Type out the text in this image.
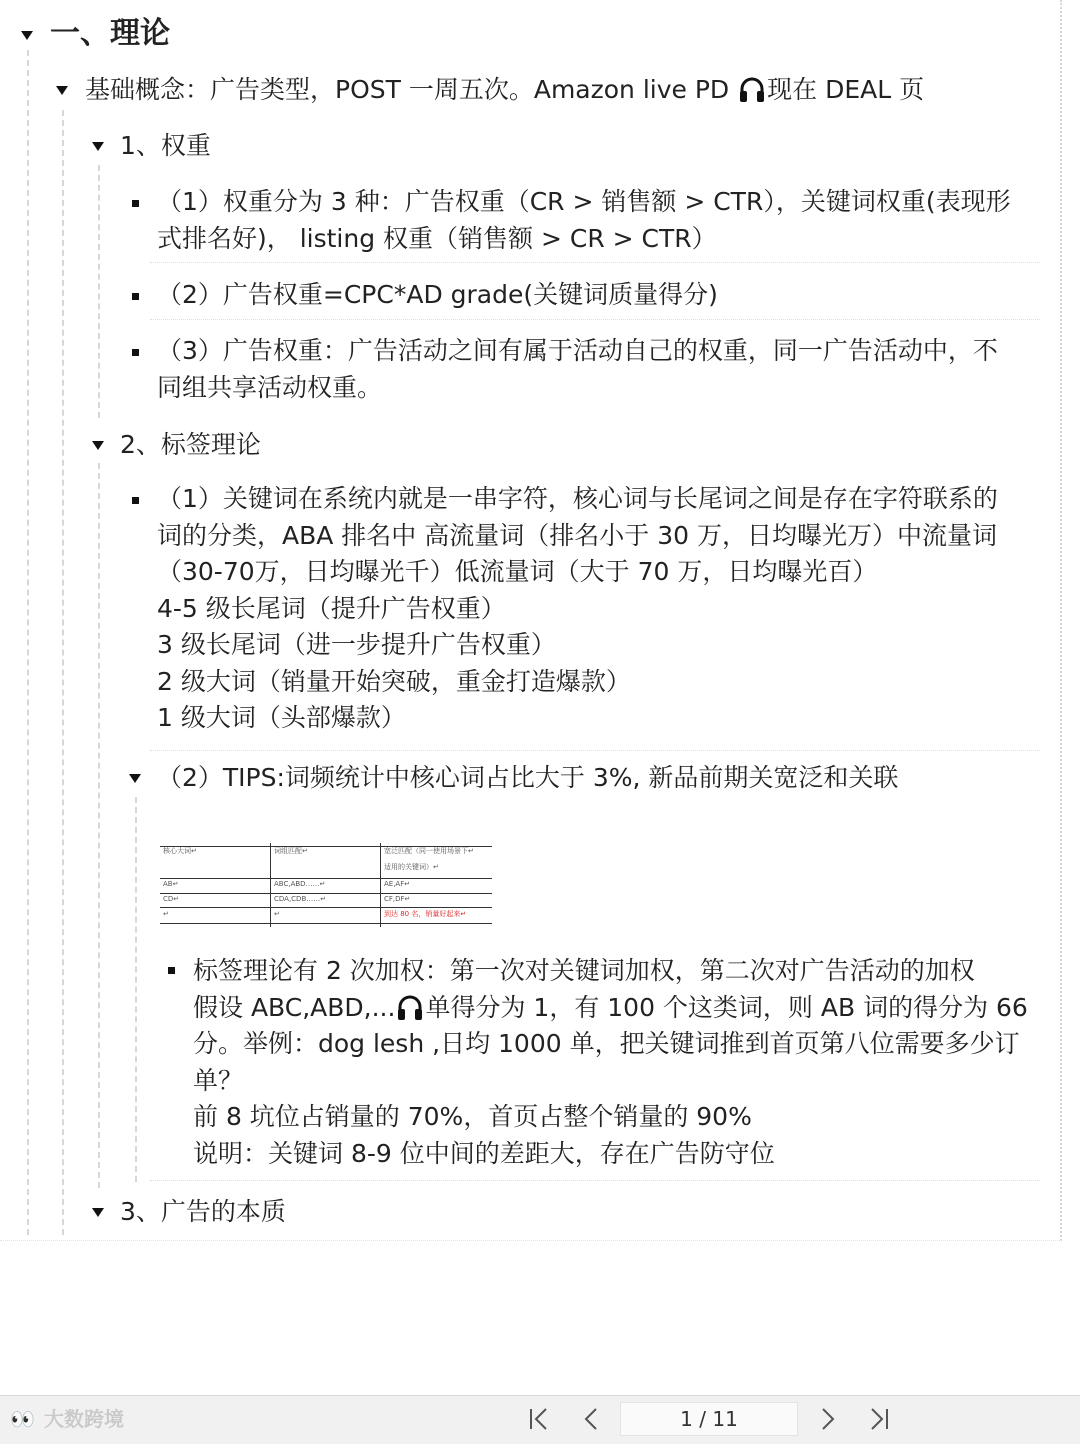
一、理论
基础概念：广告类型，POST 一周五次。Amazon live PD 现在 DEAL 页
1、权重
（1）权重分为 3 种：广告权重（CR > 销售额 > CTR），关键词权重(表现形
式排名好)， listing 权重（销售额 > CR > CTR）
（2）广告权重=CPC*AD grade(关键词质量得分)
（3）广告权重：广告活动之间有属于活动自己的权重，同一广告活动中，不
同组共享活动权重。
2、标签理论
（1）关键词在系统内就是一串字符，核心词与长尾词之间是存在字符联系的
词的分类，ABA 排名中 高流量词（排名小于 30 万，日均曝光万）中流量词
（30-70万，日均曝光千）低流量词（大于 70 万，日均曝光百）
4-5 级长尾词（提升广告权重）
3 级长尾词（进一步提升广告权重）
2 级大词（销量开始突破，重金打造爆款）
1 级大词（头部爆款）
（2）TIPS:词频统计中核心词占比大于 3%, 新品前期关宽泛和关联
核心大词↵	词组匹配↵	宽泛匹配（同一使用场景下↵
适用的关键词）↵
AB↵	ABC,ABD……↵	AE,AF↵
CD↵	CDA,CDB……↵	CF,DF↵
↵	↵	到达 80 名，销量好起来↵
标签理论有 2 次加权：第一次对关键词加权，第二次对广告活动的加权
假设 ABC,ABD,... 单得分为 1，有 100 个这类词，则 AB 词的得分为 66
分。举例：dog lesh ,日均 1000 单，把关键词推到首页第八位需要多少订
单？
前 8 坑位占销量的 70%，首页占整个销量的 90%
说明：关键词 8-9 位中间的差距大，存在广告防守位
3、广告的本质
👀 大数跨境	1 / 11
